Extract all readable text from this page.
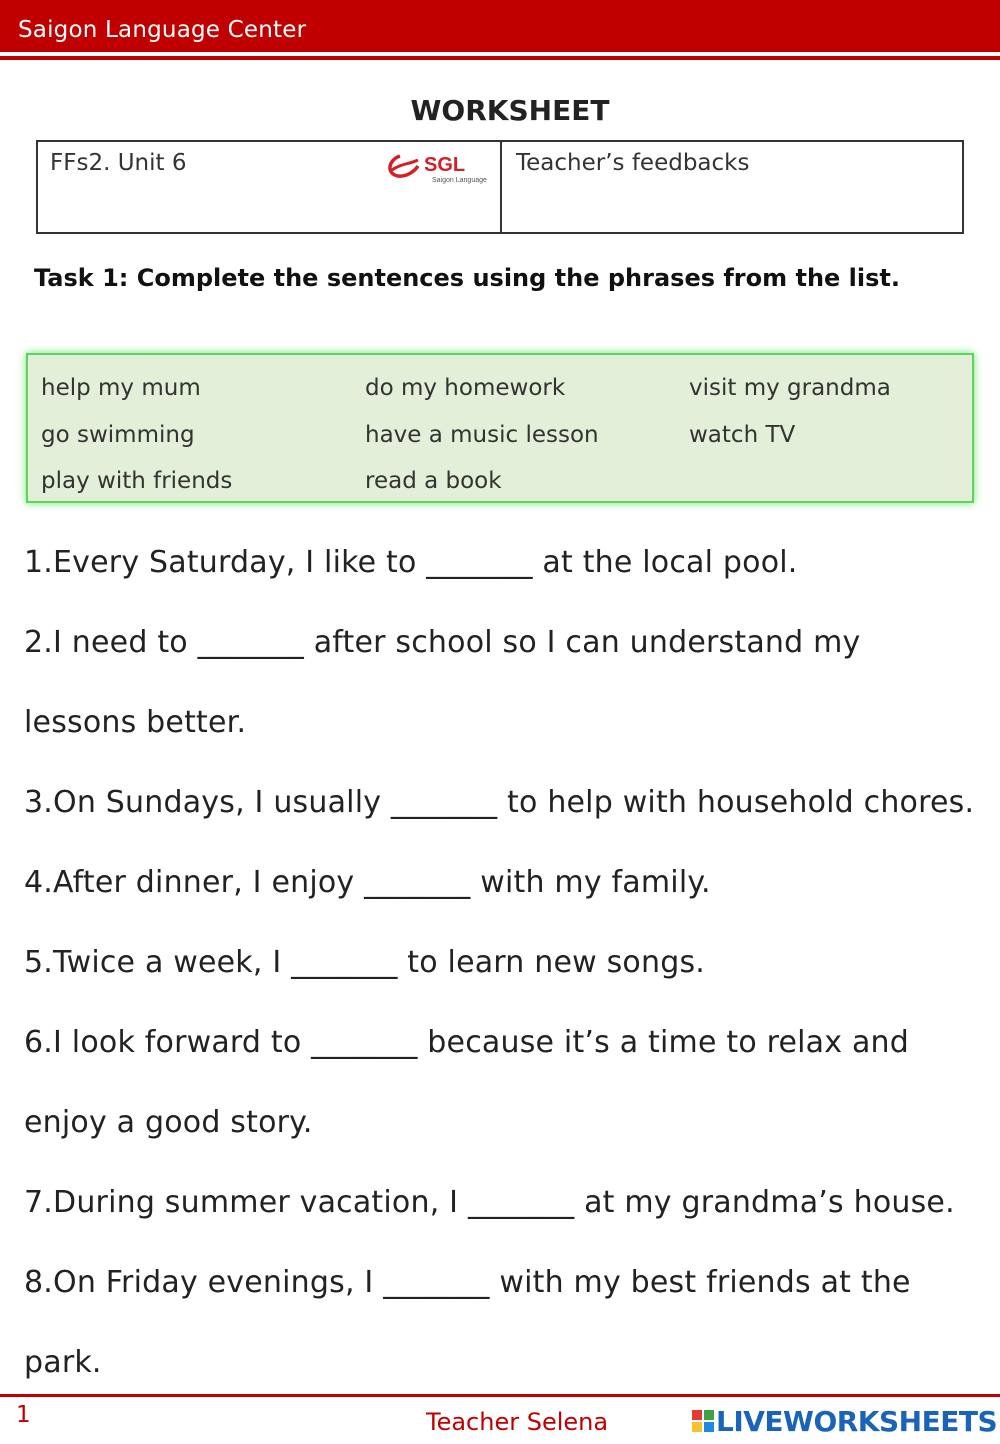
Saigon Language Center
WORKSHEET
FFs2. Unit 6	SGL
Saigon Language
Teacher’s feedbacks
Task 1: Complete the sentences using the phrases from the list.
help my mum	do my homework	visit my grandma
go swimming	have a music lesson	watch TV
play with friends	read a book
1.Every Saturday, I like to _______ at the local pool.
2.I need to _______ after school so I can understand my
lessons better.
3.On Sundays, I usually _______ to help with household chores.
4.After dinner, I enjoy _______ with my family.
5.Twice a week, I _______ to learn new songs.
6.I look forward to _______ because it’s a time to relax and
enjoy a good story.
7.During summer vacation, I _______ at my grandma’s house.
8.On Friday evenings, I _______ with my best friends at the
park.
1	Teacher Selena	LIVEWORKSHEETS
